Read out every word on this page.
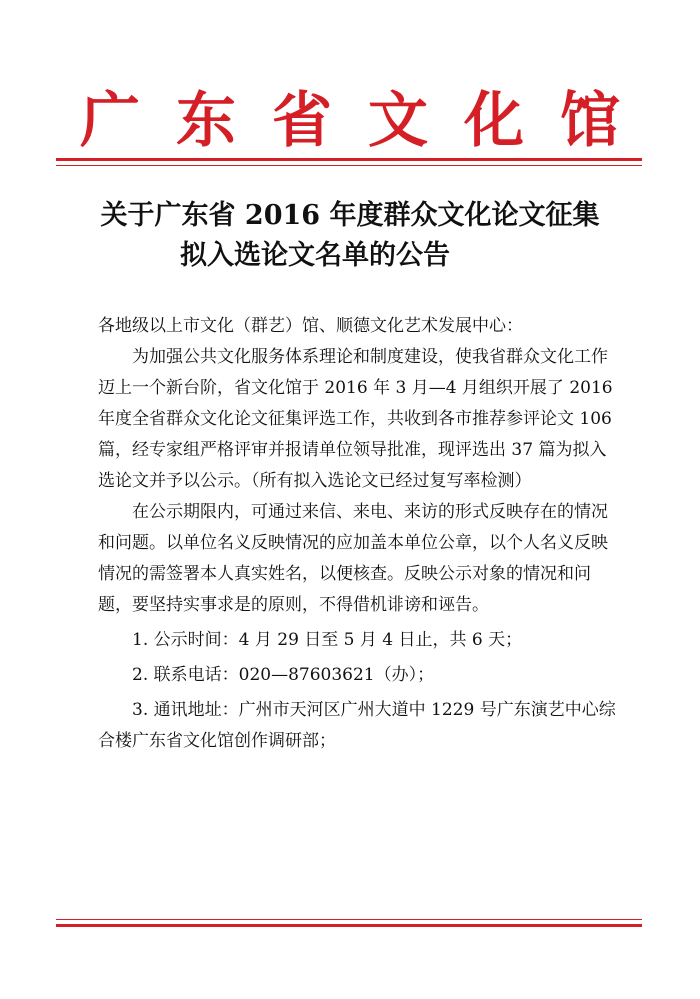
广东省文化馆
关于广东省 2016 年度群众文化论文征集
拟入选论文名单的公告

各地级以上市文化（群艺）馆、顺德文化艺术发展中心：

为加强公共文化服务体系理论和制度建设，使我省群众文化工作迈上一个新台阶，省文化馆于 2016 年 3 月—4 月组织开展了 2016 年度全省群众文化论文征集评选工作，共收到各市推荐参评论文 106 篇，经专家组严格评审并报请单位领导批准，现评选出 37 篇为拟入选论文并予以公示。（所有拟入选论文已经过复写率检测）

在公示期限内，可通过来信、来电、来访的形式反映存在的情况和问题。以单位名义反映情况的应加盖本单位公章，以个人名义反映情况的需签署本人真实姓名，以便核查。反映公示对象的情况和问题，要坚持实事求是的原则，不得借机诽谤和诬告。

1. 公示时间：4 月 29 日至 5 月 4 日止，共 6 天；

2. 联系电话：020—87603621（办）；

3. 通讯地址：广州市天河区广州大道中 1229 号广东演艺中心综合楼广东省文化馆创作调研部；
